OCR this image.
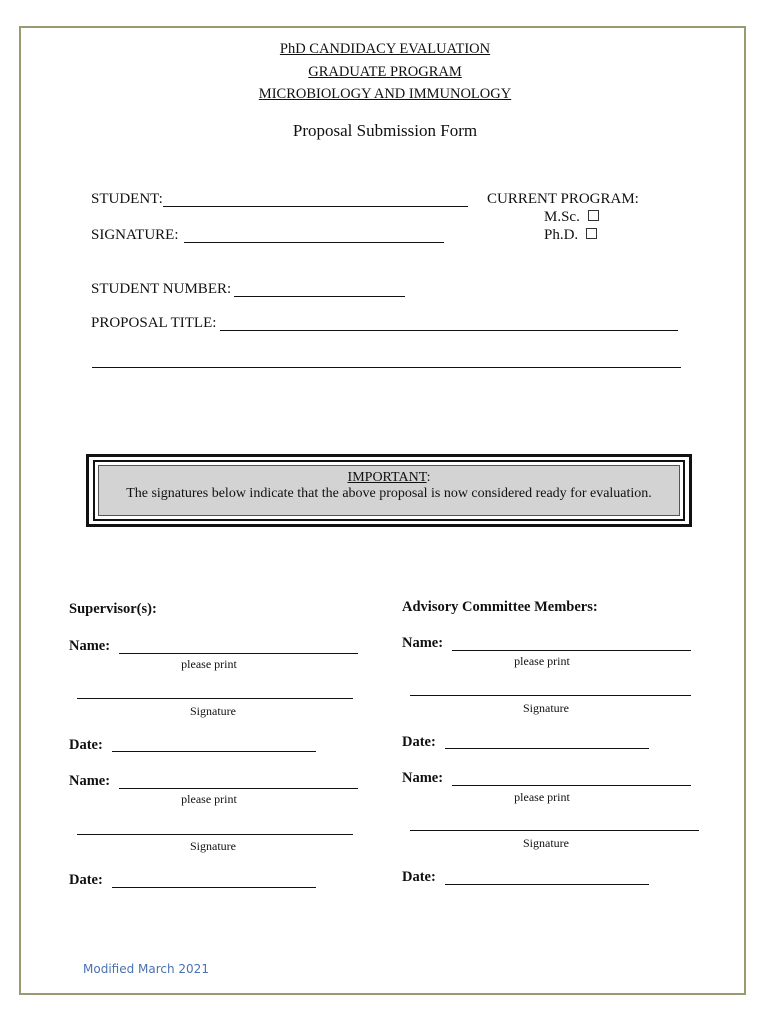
PhD CANDIDACY EVALUATION
GRADUATE PROGRAM
MICROBIOLOGY AND IMMUNOLOGY
Proposal Submission Form
STUDENT:	CURRENT PROGRAM:
M.Sc.
Ph.D.
SIGNATURE:
STUDENT NUMBER:
PROPOSAL TITLE:
IMPORTANT:
The signatures below indicate that the above proposal is now considered ready for evaluation.
Supervisor(s):
Name:
please print
Signature
Date:
Name:
please print
Signature
Date:
Advisory Committee Members:
Name:
please print
Signature
Date:
Name:
please print
Signature
Date:
Modified March 2021
